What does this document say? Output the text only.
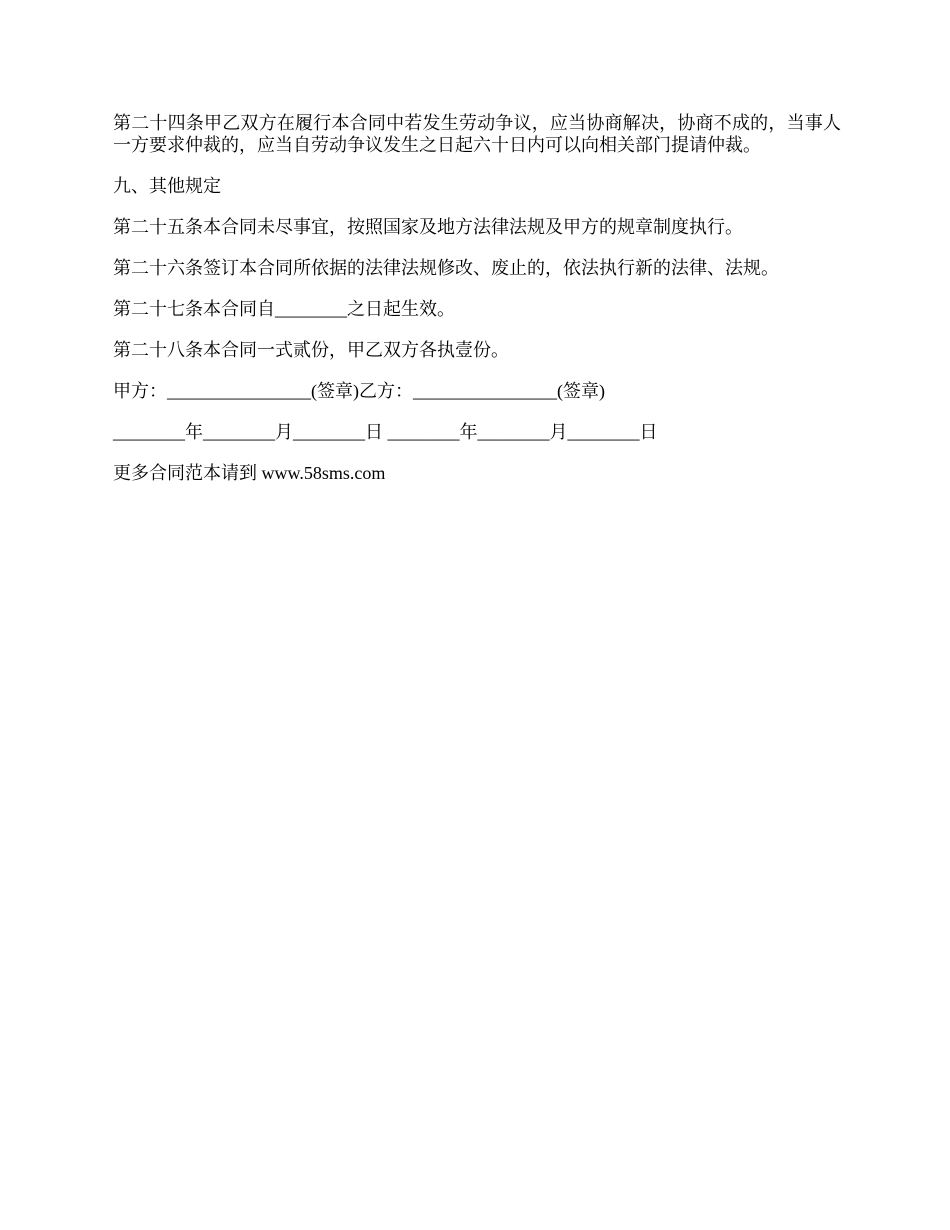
第二十四条甲乙双方在履行本合同中若发生劳动争议，应当协商解决，协商不成的，当事人一方要求仲裁的，应当自劳动争议发生之日起六十日内可以向相关部门提请仲裁。

九、其他规定

第二十五条本合同未尽事宜，按照国家及地方法律法规及甲方的规章制度执行。

第二十六条签订本合同所依据的法律法规修改、废止的，依法执行新的法律、法规。

第二十七条本合同自________之日起生效。

第二十八条本合同一式贰份，甲乙双方各执壹份。

甲方：________________(签章)乙方：________________(签章)

________年________月________日 ________年________月________日

更多合同范本请到 www.58sms.com
